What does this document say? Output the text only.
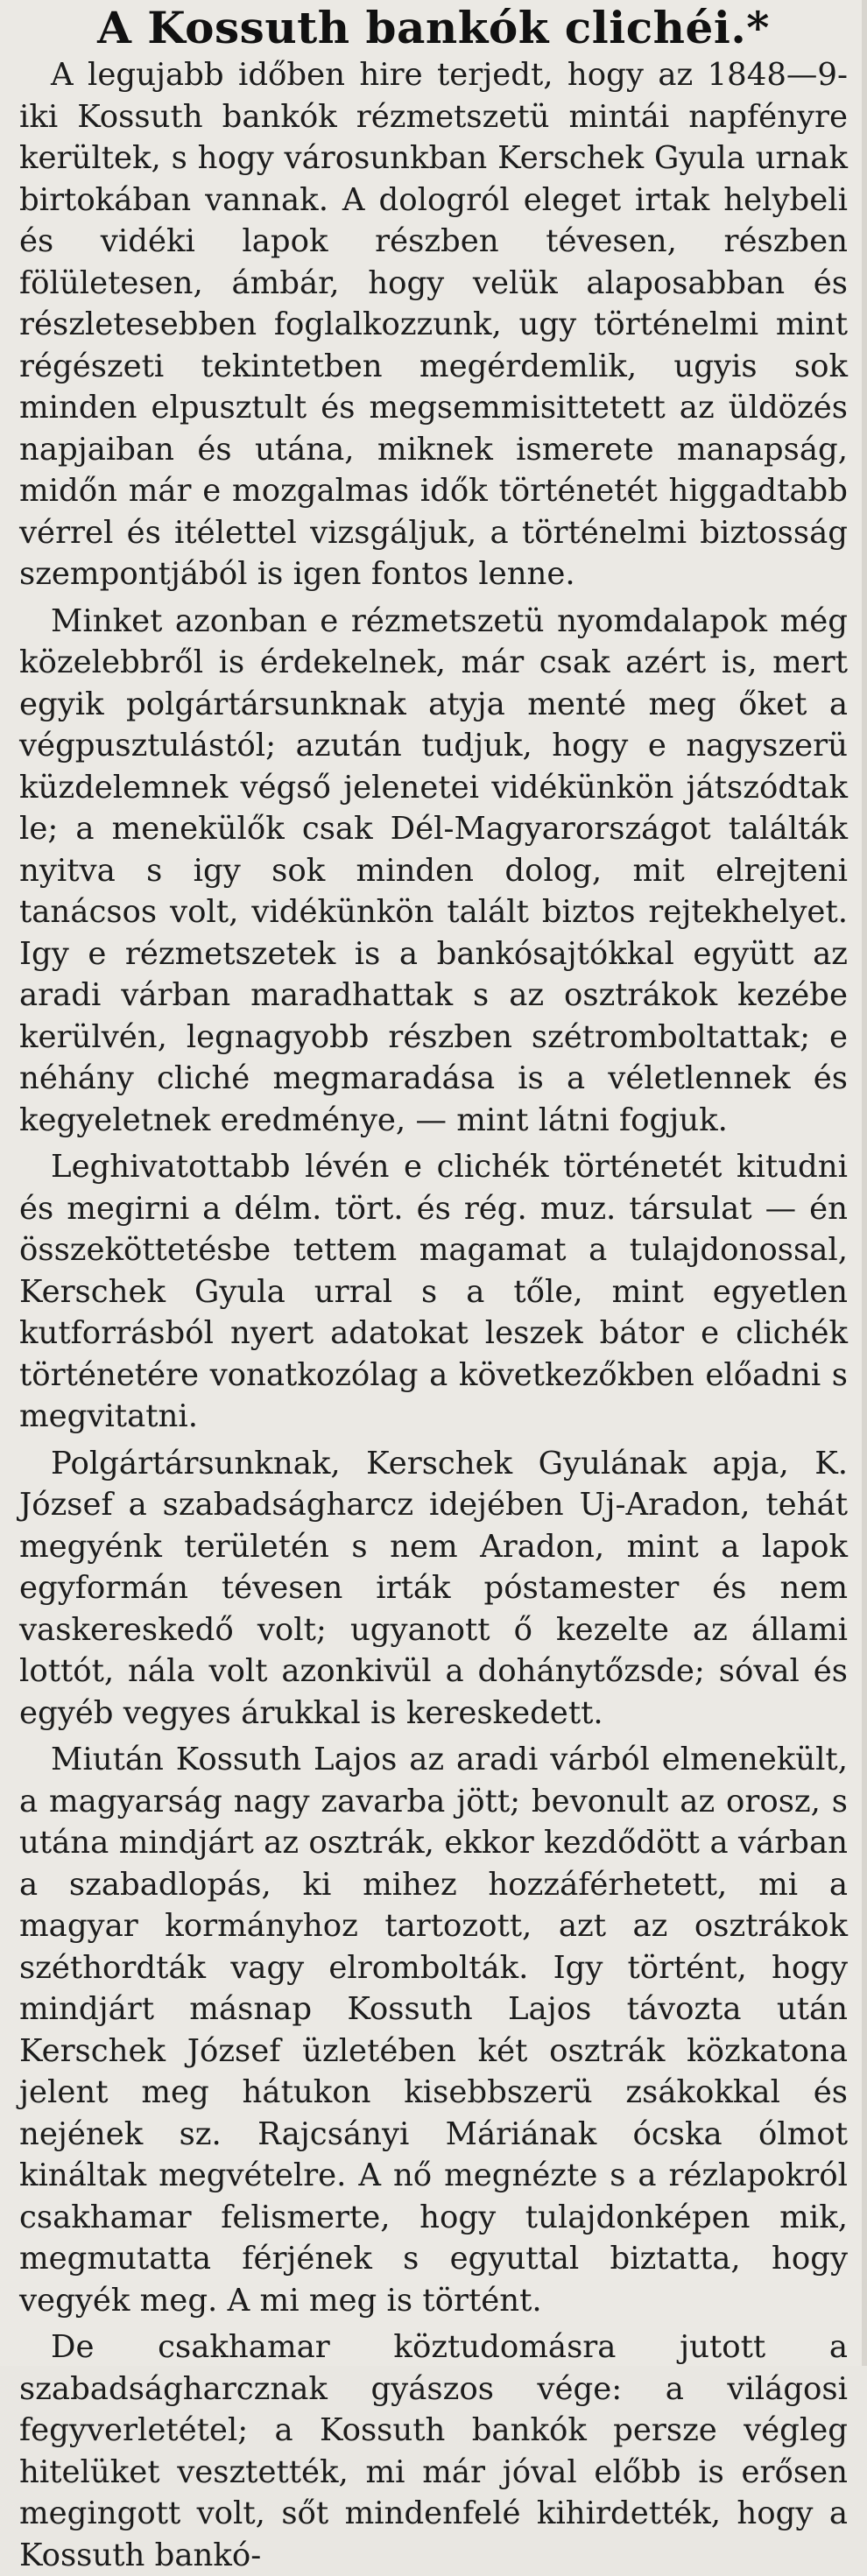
A Kossuth bankók clichéi.*

A legujabb időben hire terjedt, hogy az 1848—9-iki Kossuth bankók rézmetszetü mintái napfényre kerültek, s hogy városunkban Kerschek Gyula urnak birtokában vannak. A dologról eleget irtak helybeli és vidéki lapok részben tévesen, részben fölületesen, ámbár, hogy velük alaposabban és részletesebben foglalkozzunk, ugy történelmi mint régészeti tekintetben megérdemlik, ugyis sok minden elpusztult és megsemmisittetett az üldözés napjaiban és utána, miknek ismerete manapság, midőn már e mozgalmas idők történetét higgadtabb vérrel és itélettel vizsgáljuk, a történelmi biztosság szempontjából is igen fontos lenne.

Minket azonban e rézmetszetü nyomdalapok még közelebbről is érdekelnek, már csak azért is, mert egyik polgártársunknak atyja menté meg őket a végpusztulástól; azután tudjuk, hogy e nagyszerü küzdelemnek végső jelenetei vidékünkön játszódtak le; a menekülők csak Dél-Magyarországot találták nyitva s igy sok minden dolog, mit elrejteni tanácsos volt, vidékünkön talált biztos rejtekhelyet. Igy e rézmetszetek is a bankósajtókkal együtt az aradi várban maradhattak s az osztrákok kezébe kerülvén, legnagyobb részben szétromboltattak; e néhány cliché megmaradása is a véletlennek és kegyeletnek eredménye, — mint látni fogjuk.

Leghivatottabb lévén e clichék történetét kitudni és megirni a délm. tört. és rég. muz. társulat — én összeköttetésbe tettem magamat a tulajdonossal, Kerschek Gyula urral s a tőle, mint egyetlen kutforrásból nyert adatokat leszek bátor e clichék történetére vonatkozólag a következőkben előadni s megvitatni.

Polgártársunknak, Kerschek Gyulának apja, K. József a szabadságharcz idejében Uj-Aradon, tehát megyénk területén s nem Aradon, mint a lapok egyformán tévesen irták póstamester és nem vaskereskedő volt; ugyanott ő kezelte az állami lottót, nála volt azonkivül a dohánytőzsde; sóval és egyéb vegyes árukkal is kereskedett.

Miután Kossuth Lajos az aradi várból elmenekült, a magyarság nagy zavarba jött; bevonult az orosz, s utána mindjárt az osztrák, ekkor kezdődött a várban a szabadlopás, ki mihez hozzáférhetett, mi a magyar kormányhoz tartozott, azt az osztrákok széthordták vagy elrombolták. Igy történt, hogy mindjárt másnap Kossuth Lajos távozta után Kerschek József üzletében két osztrák közkatona jelent meg hátukon kisebbszerü zsákokkal és nejének sz. Rajcsányi Máriának ócska ólmot kináltak megvételre. A nő megnézte s a rézlapokról csakhamar felismerte, hogy tulajdonképen mik, megmutatta férjének s egyuttal biztatta, hogy vegyék meg. A mi meg is történt.

De csakhamar köztudomásra jutott a szabadságharcznak gyászos vége: a világosi fegyverletétel; a Kossuth bankók persze végleg hitelüket vesztették, mi már jóval előbb is erősen megingott volt, sőt mindenfelé kihirdették, hogy a Kossuth bankó-
